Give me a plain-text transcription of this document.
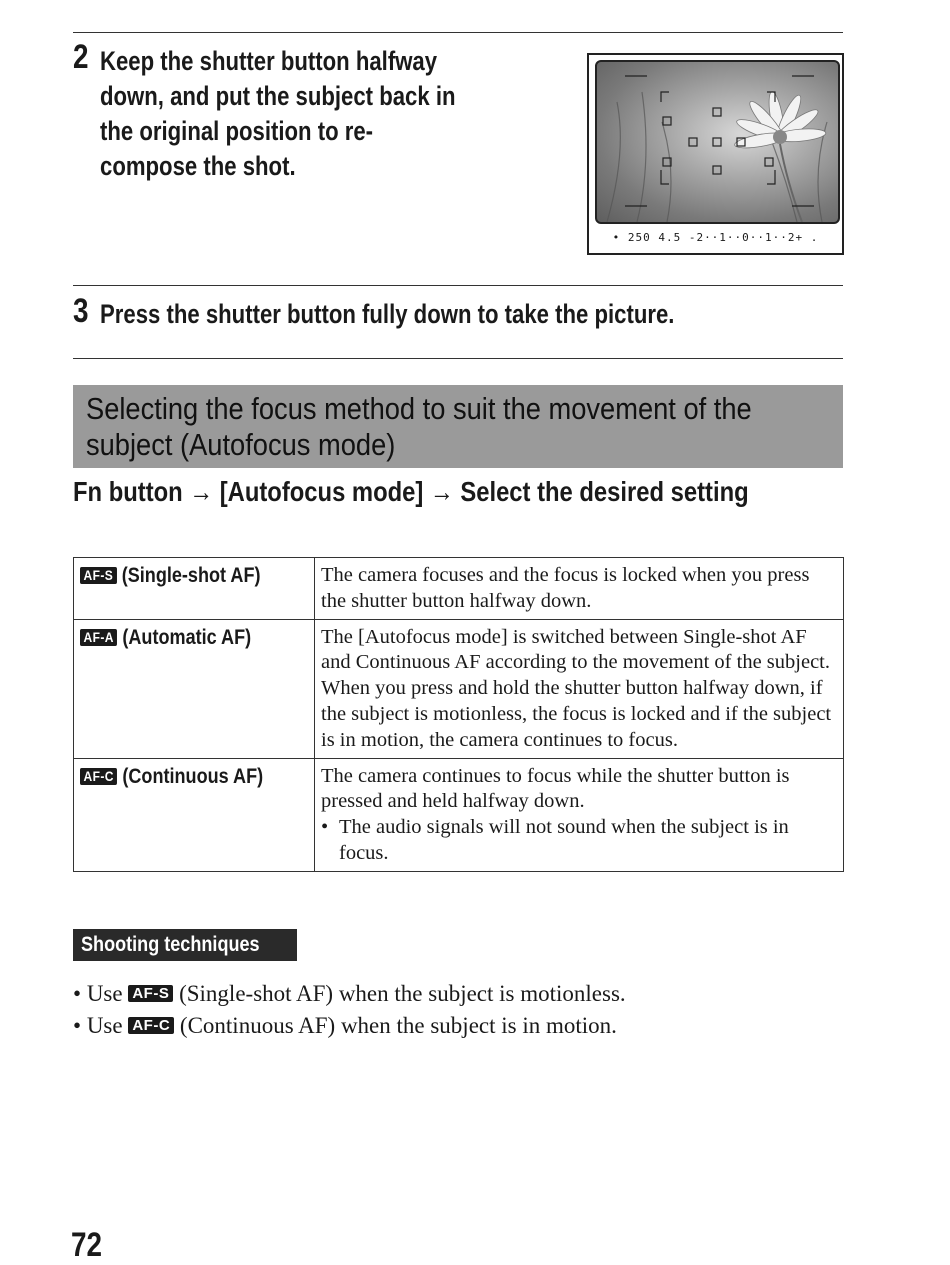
2 Keep the shutter button halfway
down, and put the subject back in
the original position to re-
compose the shot.
• 250 4.5 -2··1··0··1··2+ .
3 Press the shutter button fully down to take the picture.
Selecting the focus method to suit the movement of the subject (Autofocus mode)
Fn button → [Autofocus mode] → Select the desired setting
AF-S (Single-shot AF)	The camera focuses and the focus is locked when you press the shutter button halfway down.

AF-A (Automatic AF)	The [Autofocus mode] is switched between Single-shot AF and Continuous AF according to the movement of the subject.
When you press and hold the shutter button halfway down, if the subject is motionless, the focus is locked and if the subject is in motion, the camera continues to focus.

AF-C (Continuous AF)	The camera continues to focus while the shutter button is pressed and held halfway down.
• The audio signals will not sound when the subject is in focus.
Shooting techniques
• Use AF-S (Single-shot AF) when the subject is motionless.
• Use AF-C (Continuous AF) when the subject is in motion.
72
